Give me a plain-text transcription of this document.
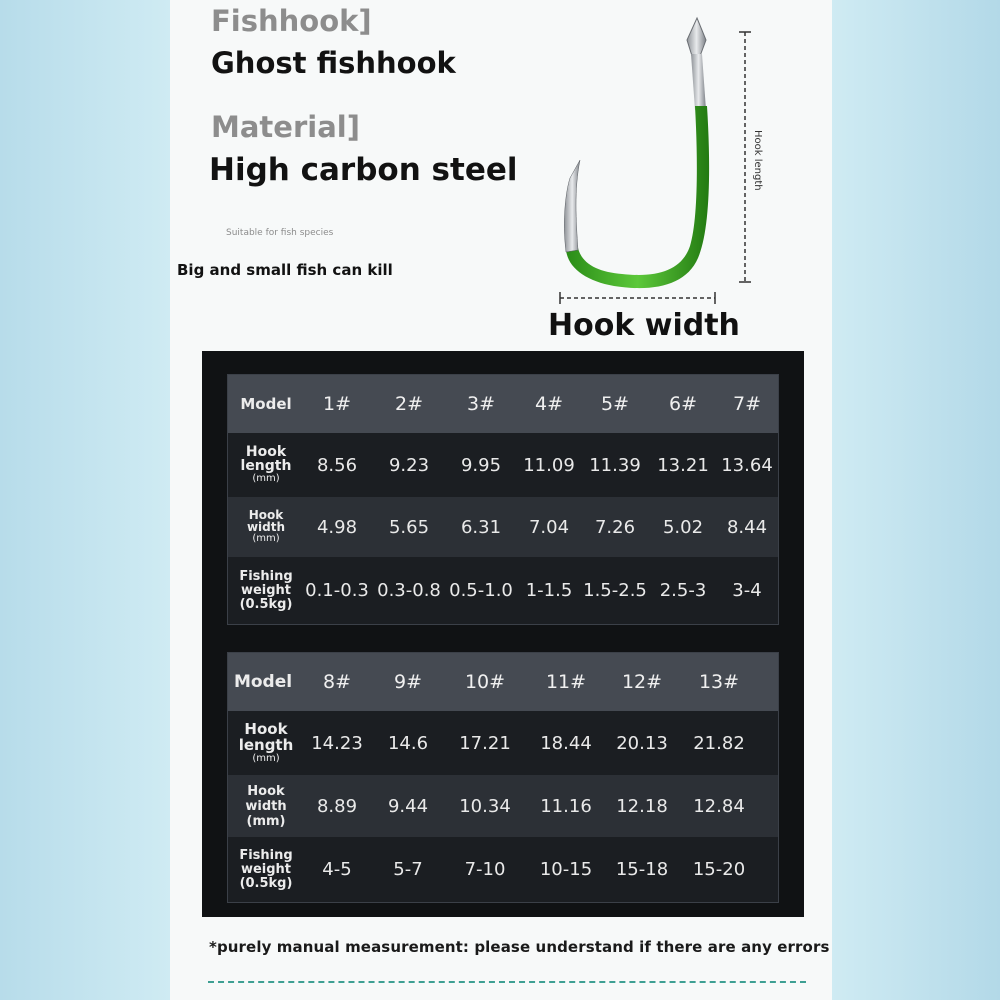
Fishhook]
Ghost fishhook
Material]
High carbon steel
Suitable for fish species
Big and small fish can kill
Hook length
Hook width
Model	1#	2#	3#	4#	5#	6#	7#
Hook
length
(mm)
8.56	9.23	9.95	11.09 11.39 13.21 13.64
Hook
width
(mm)
4.98	5.65	6.31	7.04	7.26	5.02	8.44
Fishing
weight
(0.5kg)
0.1-0.3 0.3-0.8 0.5-1.0 1-1.5 1.5-2.5 2.5-3	3-4
Model	8#	9#	10#	11#	12#	13#
Hook
length
(mm)
14.23	14.6	17.21	18.44	20.13	21.82
Hook
width
(mm)
8.89	9.44	10.34	11.16	12.18	12.84
Fishing
weight
(0.5kg)
4-5	5-7	7-10	10-15	15-18	15-20
*purely manual measurement: please understand if there are any errors
